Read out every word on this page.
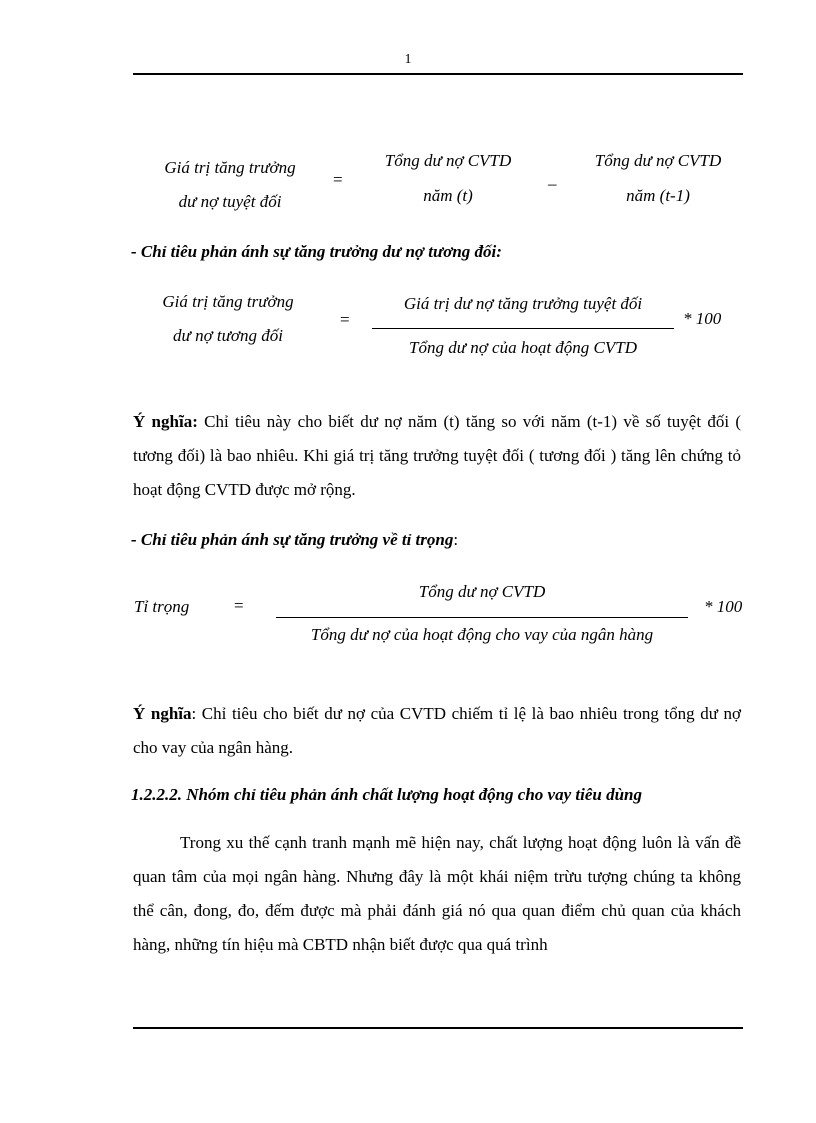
1
Giá trị tăng trưởng
dư nợ tuyệt đối
=
Tổng dư nợ CVTD
năm (t)
–
Tổng dư nợ CVTD
năm (t-1)
- Chỉ tiêu phản ánh sự tăng trưởng dư nợ tương đối:
Giá trị tăng trưởng
dư nợ tương đối
=
Giá trị dư nợ tăng trưởng tuyệt đối
Tổng dư nợ của hoạt động CVTD
* 100
Ý nghĩa: Chỉ tiêu này cho biết dư nợ năm (t) tăng so với năm (t-1) về số tuyệt đối ( tương đối) là bao nhiêu. Khi giá trị tăng trưởng tuyệt đối ( tương đối ) tăng lên chứng tỏ hoạt động CVTD được mở rộng.
- Chỉ tiêu phản ánh sự tăng trưởng về tỉ trọng:
Tỉ trọng	=
Tổng dư nợ CVTD
Tổng dư nợ của hoạt động cho vay của ngân hàng
* 100
Ý nghĩa: Chỉ tiêu cho biết dư nợ của CVTD chiếm tỉ lệ là bao nhiêu trong tổng dư nợ cho vay của ngân hàng.
1.2.2.2. Nhóm chỉ tiêu phản ánh chất lượng hoạt động cho vay tiêu dùng
Trong xu thế cạnh tranh mạnh mẽ hiện nay, chất lượng hoạt động luôn là vấn đề quan tâm của mọi ngân hàng. Nhưng đây là một khái niệm trừu tượng chúng ta không thể cân, đong, đo, đếm được mà phải đánh giá nó qua quan điểm chủ quan của khách hàng, những tín hiệu mà CBTD nhận biết được qua quá trình
